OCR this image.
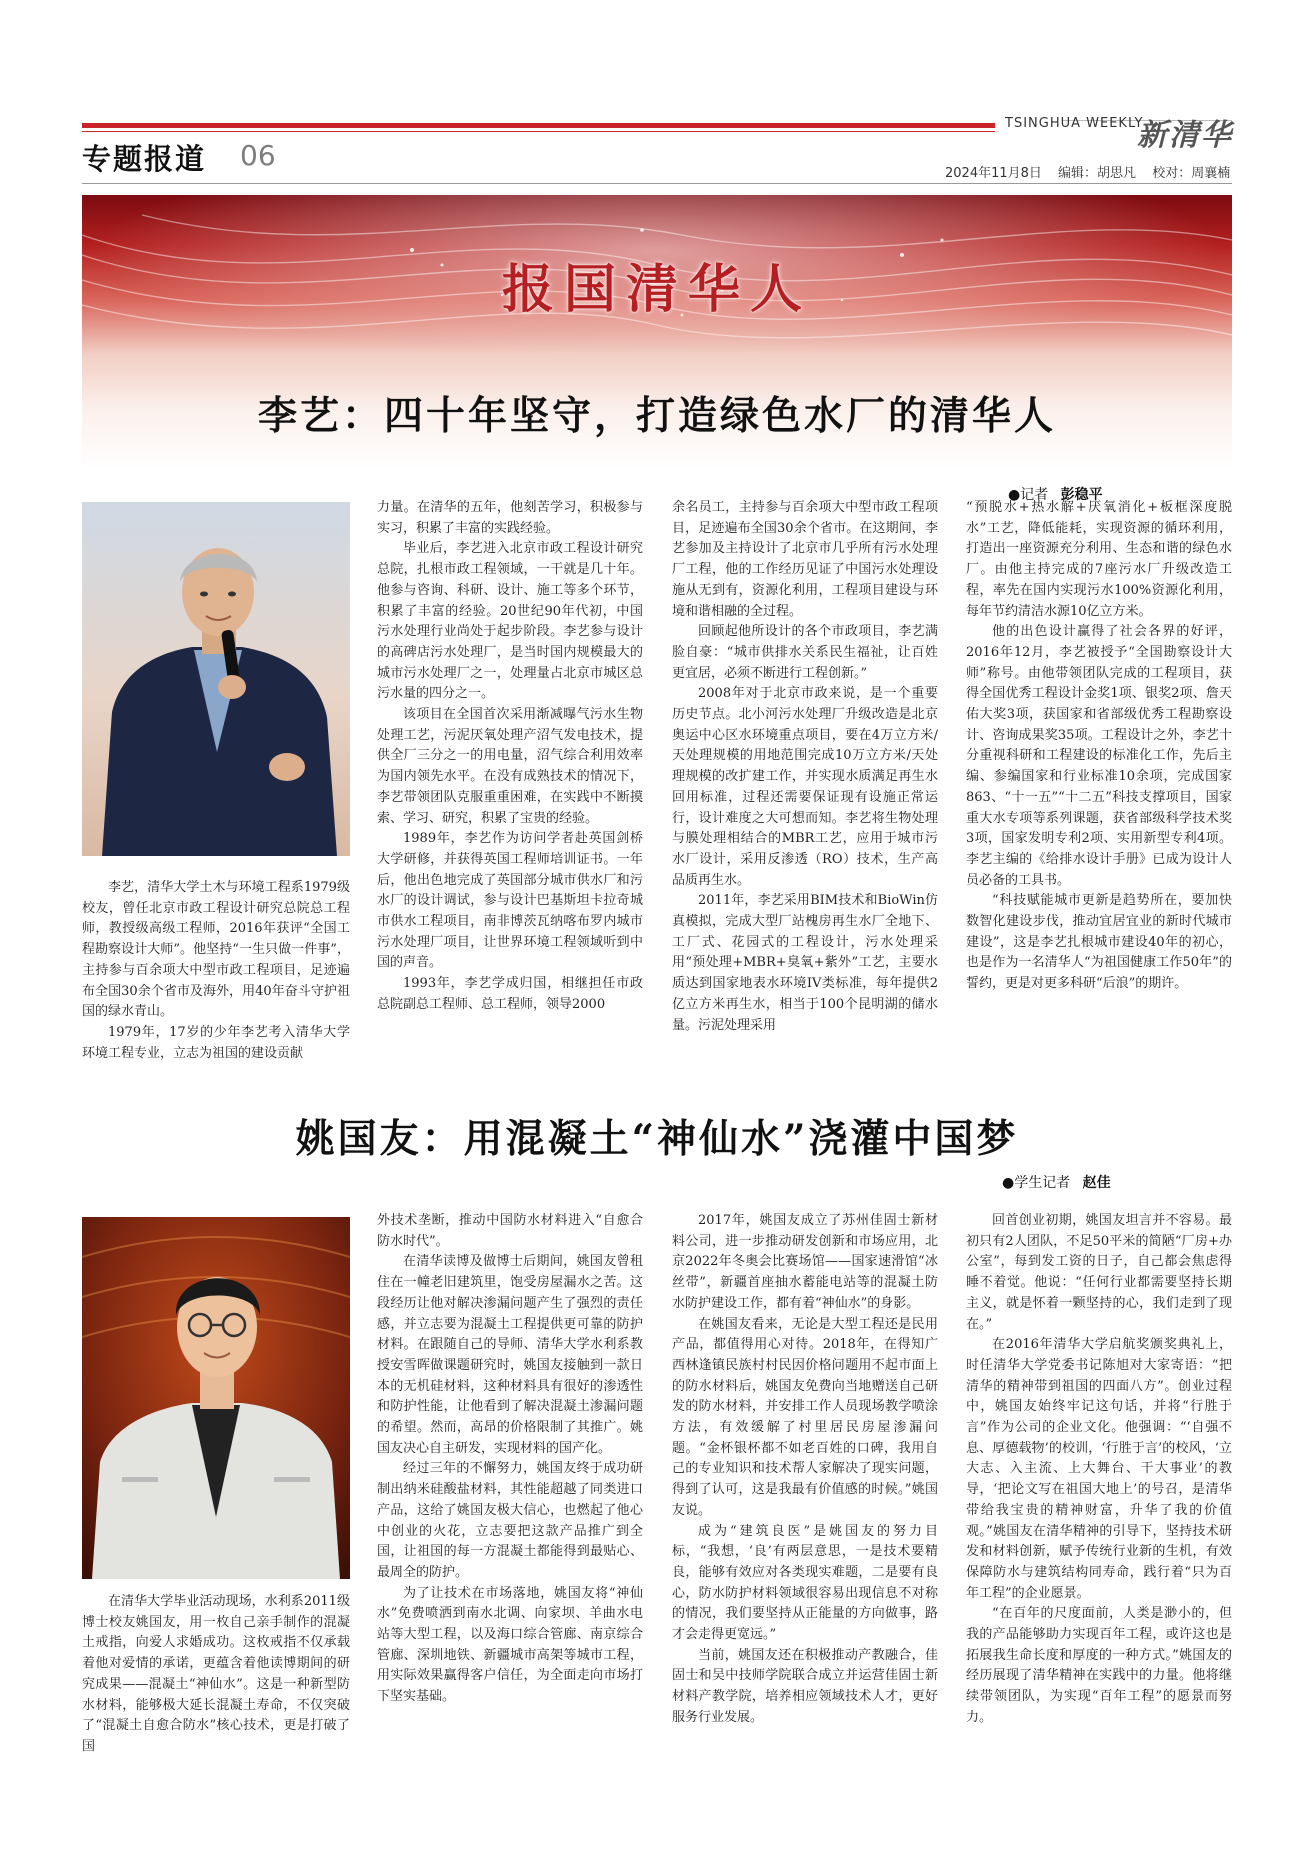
专题报道 06
TSINGHUA WEEKLY
新清华
2024年11月8日 编辑：胡思凡 校对：周襄楠
报国清华人
李艺：四十年坚守，打造绿色水厂的清华人
●记者 彭稳平

李艺，清华大学土木与环境工程系1979级校友，曾任北京市政工程设计研究总院总工程师，教授级高级工程师，2016年获评“全国工程勘察设计大师”。他坚持“一生只做一件事”，主持参与百余项大中型市政工程项目，足迹遍布全国30余个省市及海外，用40年奋斗守护祖国的绿水青山。

1979年，17岁的少年李艺考入清华大学环境工程专业，立志为祖国的建设贡献

力量。在清华的五年，他刻苦学习，积极参与实习，积累了丰富的实践经验。

毕业后，李艺进入北京市政工程设计研究总院，扎根市政工程领域，一干就是几十年。他参与咨询、科研、设计、施工等多个环节，积累了丰富的经验。20世纪90年代初，中国污水处理行业尚处于起步阶段。李艺参与设计的高碑店污水处理厂，是当时国内规模最大的城市污水处理厂之一，处理量占北京市城区总污水量的四分之一。

该项目在全国首次采用渐减曝气污水生物处理工艺，污泥厌氧处理产沼气发电技术，提供全厂三分之一的用电量，沼气综合利用效率为国内领先水平。在没有成熟技术的情况下，李艺带领团队克服重重困难，在实践中不断摸索、学习、研究，积累了宝贵的经验。

1989年，李艺作为访问学者赴英国剑桥大学研修，并获得英国工程师培训证书。一年后，他出色地完成了英国部分城市供水厂和污水厂的设计调试，参与设计巴基斯坦卡拉奇城市供水工程项目，南非博茨瓦纳喀布罗内城市污水处理厂项目，让世界环境工程领域听到中国的声音。

1993年，李艺学成归国，相继担任市政总院副总工程师、总工程师，领导2000

余名员工，主持参与百余项大中型市政工程项目，足迹遍布全国30余个省市。在这期间，李艺参加及主持设计了北京市几乎所有污水处理厂工程，他的工作经历见证了中国污水处理设施从无到有，资源化利用，工程项目建设与环境和谐相融的全过程。

回顾起他所设计的各个市政项目，李艺满脸自豪：“城市供排水关系民生福祉，让百姓更宜居，必须不断进行工程创新。”

2008年对于北京市政来说，是一个重要历史节点。北小河污水处理厂升级改造是北京奥运中心区水环境重点项目，要在4万立方米/天处理规模的用地范围完成10万立方米/天处理规模的改扩建工作，并实现水质满足再生水回用标准，过程还需要保证现有设施正常运行，设计难度之大可想而知。李艺将生物处理与膜处理相结合的MBR工艺，应用于城市污水厂设计，采用反渗透（RO）技术，生产高品质再生水。

2011年，李艺采用BIM技术和BioWin仿真模拟，完成大型厂站槐房再生水厂全地下、工厂式、花园式的工程设计，污水处理采用“预处理+MBR+臭氧+紫外”工艺，主要水质达到国家地表水环境IV类标准，每年提供2亿立方米再生水，相当于100个昆明湖的储水量。污泥处理采用

“预脱水+热水解+厌氧消化+板框深度脱水”工艺，降低能耗，实现资源的循环利用，打造出一座资源充分利用、生态和谐的绿色水厂。由他主持完成的7座污水厂升级改造工程，率先在国内实现污水100%资源化利用，每年节约清洁水源10亿立方米。

他的出色设计赢得了社会各界的好评，2016年12月，李艺被授予“全国勘察设计大师”称号。由他带领团队完成的工程项目，获得全国优秀工程设计金奖1项、银奖2项、詹天佑大奖3项，获国家和省部级优秀工程勘察设计、咨询成果奖35项。工程设计之外，李艺十分重视科研和工程建设的标准化工作，先后主编、参编国家和行业标准10余项，完成国家863、“十一五”“十二五”科技支撑项目，国家重大水专项等系列课题，获省部级科学技术奖3项，国家发明专利2项、实用新型专利4项。李艺主编的《给排水设计手册》已成为设计人员必备的工具书。

“科技赋能城市更新是趋势所在，要加快数智化建设步伐，推动宜居宜业的新时代城市建设”，这是李艺扎根城市建设40年的初心，也是作为一名清华人“为祖国健康工作50年”的誓约，更是对更多科研“后浪”的期许。

姚国友：用混凝土“神仙水”浇灌中国梦
●学生记者 赵佳

在清华大学毕业活动现场，水利系2011级博士校友姚国友，用一枚自己亲手制作的混凝土戒指，向爱人求婚成功。这枚戒指不仅承载着他对爱情的承诺，更蕴含着他读博期间的研究成果——混凝土“神仙水”。这是一种新型防水材料，能够极大延长混凝土寿命，不仅突破了“混凝土自愈合防水”核心技术，更是打破了国

外技术垄断，推动中国防水材料进入“自愈合防水时代”。

在清华读博及做博士后期间，姚国友曾租住在一幢老旧建筑里，饱受房屋漏水之苦。这段经历让他对解决渗漏问题产生了强烈的责任感，并立志要为混凝土工程提供更可靠的防护材料。在跟随自己的导师、清华大学水利系教授安雪晖做课题研究时，姚国友接触到一款日本的无机硅材料，这种材料具有很好的渗透性和防护性能，让他看到了解决混凝土渗漏问题的希望。然而，高昂的价格限制了其推广。姚国友决心自主研发，实现材料的国产化。

经过三年的不懈努力，姚国友终于成功研制出纳米硅酸盐材料，其性能超越了同类进口产品，这给了姚国友极大信心，也燃起了他心中创业的火花，立志要把这款产品推广到全国，让祖国的每一方混凝土都能得到最贴心、最周全的防护。

为了让技术在市场落地，姚国友将“神仙水”免费喷洒到南水北调、向家坝、羊曲水电站等大型工程，以及海口综合管廊、南京综合管廊、深圳地铁、新疆城市高架等城市工程，用实际效果赢得客户信任，为全面走向市场打下坚实基础。

2017年，姚国友成立了苏州佳固士新材料公司，进一步推动研发创新和市场应用，北京2022年冬奥会比赛场馆——国家速滑馆“冰丝带”，新疆首座抽水蓄能电站等的混凝土防水防护建设工作，都有着“神仙水”的身影。

在姚国友看来，无论是大型工程还是民用产品，都值得用心对待。2018年，在得知广西林逢镇民族村村民因价格问题用不起市面上的防水材料后，姚国友免费向当地赠送自己研发的防水材料，并安排工作人员现场教学喷涂方法，有效缓解了村里居民房屋渗漏问题。“金杯银杯都不如老百姓的口碑，我用自己的专业知识和技术帮人家解决了现实问题，得到了认可，这是我最有价值感的时候。”姚国友说。

成为“建筑良医”是姚国友的努力目标，“我想，‘良’有两层意思，一是技术要精良，能够有效应对各类现实难题，二是要有良心，防水防护材料领域很容易出现信息不对称的情况，我们要坚持从正能量的方向做事，路才会走得更宽远。”

当前，姚国友还在积极推动产教融合，佳固士和吴中技师学院联合成立并运营佳固士新材料产教学院，培养相应领域技术人才，更好服务行业发展。

回首创业初期，姚国友坦言并不容易。最初只有2人团队，不足50平米的简陋“厂房+办公室”，每到发工资的日子，自己都会焦虑得睡不着觉。他说：“任何行业都需要坚持长期主义，就是怀着一颗坚持的心，我们走到了现在。”

在2016年清华大学启航奖颁奖典礼上，时任清华大学党委书记陈旭对大家寄语：“把清华的精神带到祖国的四面八方”。创业过程中，姚国友始终牢记这句话，并将“行胜于言”作为公司的企业文化。他强调：“‘自强不息、厚德载物’的校训，‘行胜于言’的校风，‘立大志、入主流、上大舞台、干大事业’的教导，‘把论文写在祖国大地上’的号召，是清华带给我宝贵的精神财富，升华了我的价值观。”姚国友在清华精神的引导下，坚持技术研发和材料创新，赋予传统行业新的生机，有效保障防水与建筑结构同寿命，践行着“只为百年工程”的企业愿景。

“在百年的尺度面前，人类是渺小的，但我的产品能够助力实现百年工程，或许这也是拓展我生命长度和厚度的一种方式。”姚国友的经历展现了清华精神在实践中的力量。他将继续带领团队，为实现“百年工程”的愿景而努力。
